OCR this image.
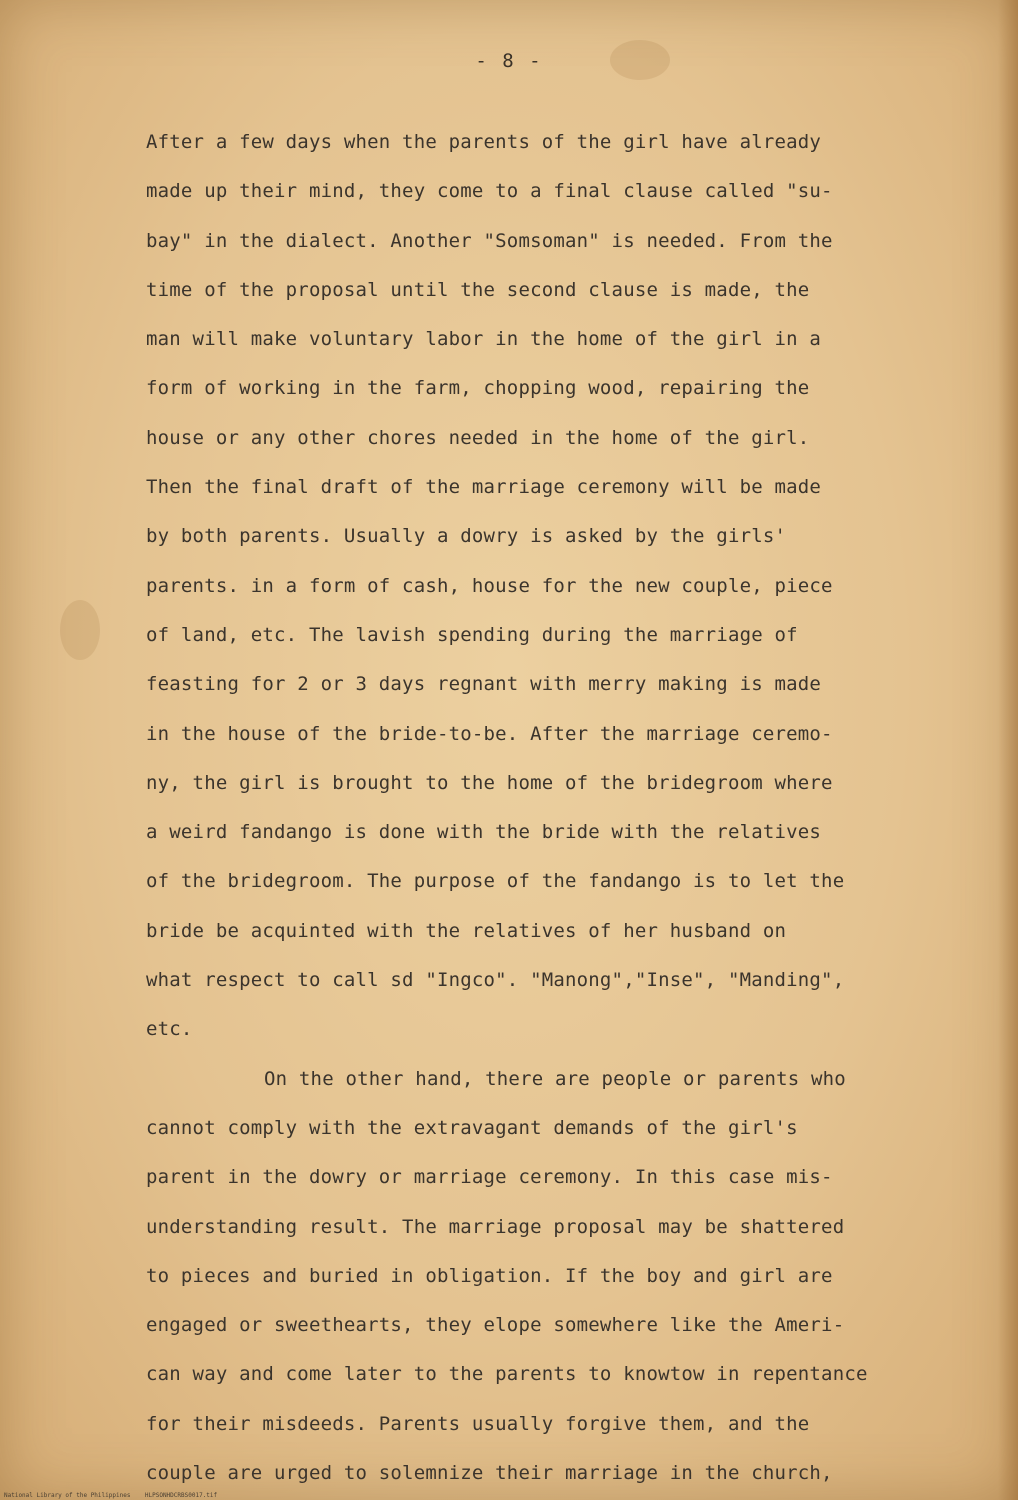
- 8 -
After a few days when the parents of the girl have already
made up their mind, they come to a final clause called "su-
bay" in the dialect. Another "Somsoman" is needed. From the
time of the proposal until the second clause is made, the
man will make voluntary labor in the home of the girl in a
form of working in the farm, chopping wood, repairing the
house or any other chores needed in the home of the girl.
Then the final draft of the marriage ceremony will be made
by both parents. Usually a dowry is asked by the girls'
parents. in a form of cash, house for the new couple, piece
of land, etc. The lavish spending during the marriage of
feasting for 2 or 3 days regnant with merry making is made
in the house of the bride-to-be. After the marriage ceremo-
ny, the girl is brought to the home of the bridegroom where
a weird fandango is done with the bride with the relatives
of the bridegroom. The purpose of the fandango is to let the
bride be acquinted with the relatives of her husband on
what respect to call sd "Ingco". "Manong","Inse", "Manding",
etc.
On the other hand, there are people or parents who
cannot comply with the extravagant demands of the girl's
parent in the dowry or marriage ceremony. In this case mis-
understanding result. The marriage proposal may be shattered
to pieces and buried in obligation. If the boy and girl are
engaged or sweethearts, they elope somewhere like the Ameri-
can way and come later to the parents to knowtow in repentance
for their misdeeds. Parents usually forgive them, and the
couple are urged to solemnize their marriage in the church,
National Library of the Philippines    HLPSONHDCRBS0017.tif
